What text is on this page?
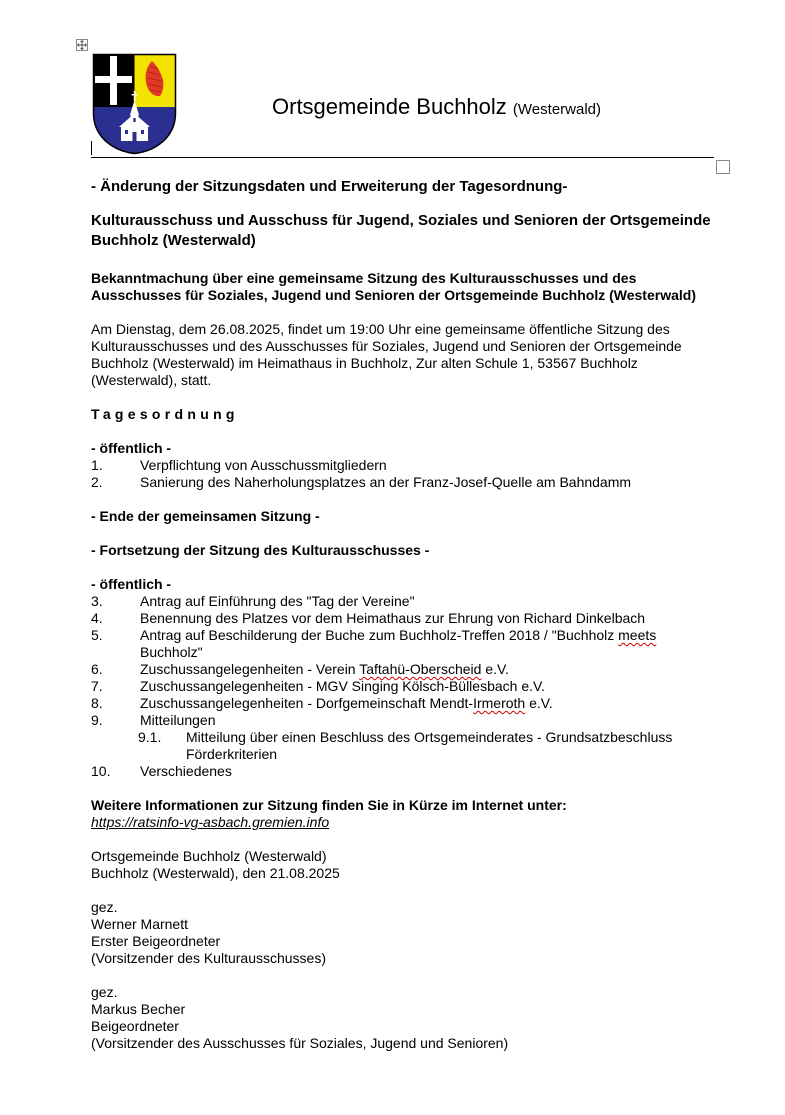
Ortsgemeinde Buchholz (Westerwald)

- Änderung der Sitzungsdaten und Erweiterung der Tagesordnung-

Kulturausschuss und Ausschuss für Jugend, Soziales und Senioren der Ortsgemeinde Buchholz (Westerwald)

Bekanntmachung über eine gemeinsame Sitzung des Kulturausschusses und des Ausschusses für Soziales, Jugend und Senioren der Ortsgemeinde Buchholz (Westerwald)

Am Dienstag, dem 26.08.2025, findet um 19:00 Uhr eine gemeinsame öffentliche Sitzung des Kulturausschusses und des Ausschusses für Soziales, Jugend und Senioren der Ortsgemeinde Buchholz (Westerwald) im Heimathaus in Buchholz, Zur alten Schule 1, 53567 Buchholz (Westerwald), statt.

Tagesordnung

- öffentlich -

1.	Verpflichtung von Ausschussmitgliedern
2.	Sanierung des Naherholungsplatzes an der Franz-Josef-Quelle am Bahndamm

- Ende der gemeinsamen Sitzung -

- Fortsetzung der Sitzung des Kulturausschusses -

- öffentlich -

3.	Antrag auf Einführung des "Tag der Vereine"
4.	Benennung des Platzes vor dem Heimathaus zur Ehrung von Richard Dinkelbach
5.	Antrag auf Beschilderung der Buche zum Buchholz-Treffen 2018 / "Buchholz meets
Buchholz"
6.	Zuschussangelegenheiten - Verein Taftahü-Oberscheid e.V.
7.	Zuschussangelegenheiten - MGV Singing Kölsch-Büllesbach e.V.
8.	Zuschussangelegenheiten - Dorfgemeinschaft Mendt-Irmeroth e.V.
9.	Mitteilungen
9.1. Mitteilung über einen Beschluss des Ortsgemeinderates - Grundsatzbeschluss Förderkriterien
10. Verschiedenes

Weitere Informationen zur Sitzung finden Sie in Kürze im Internet unter:

https://ratsinfo-vg-asbach.gremien.info

Ortsgemeinde Buchholz (Westerwald)

Buchholz (Westerwald), den 21.08.2025

gez.

Werner Marnett

Erster Beigeordneter

(Vorsitzender des Kulturausschusses)

gez.

Markus Becher

Beigeordneter

(Vorsitzender des Ausschusses für Soziales, Jugend und Senioren)
